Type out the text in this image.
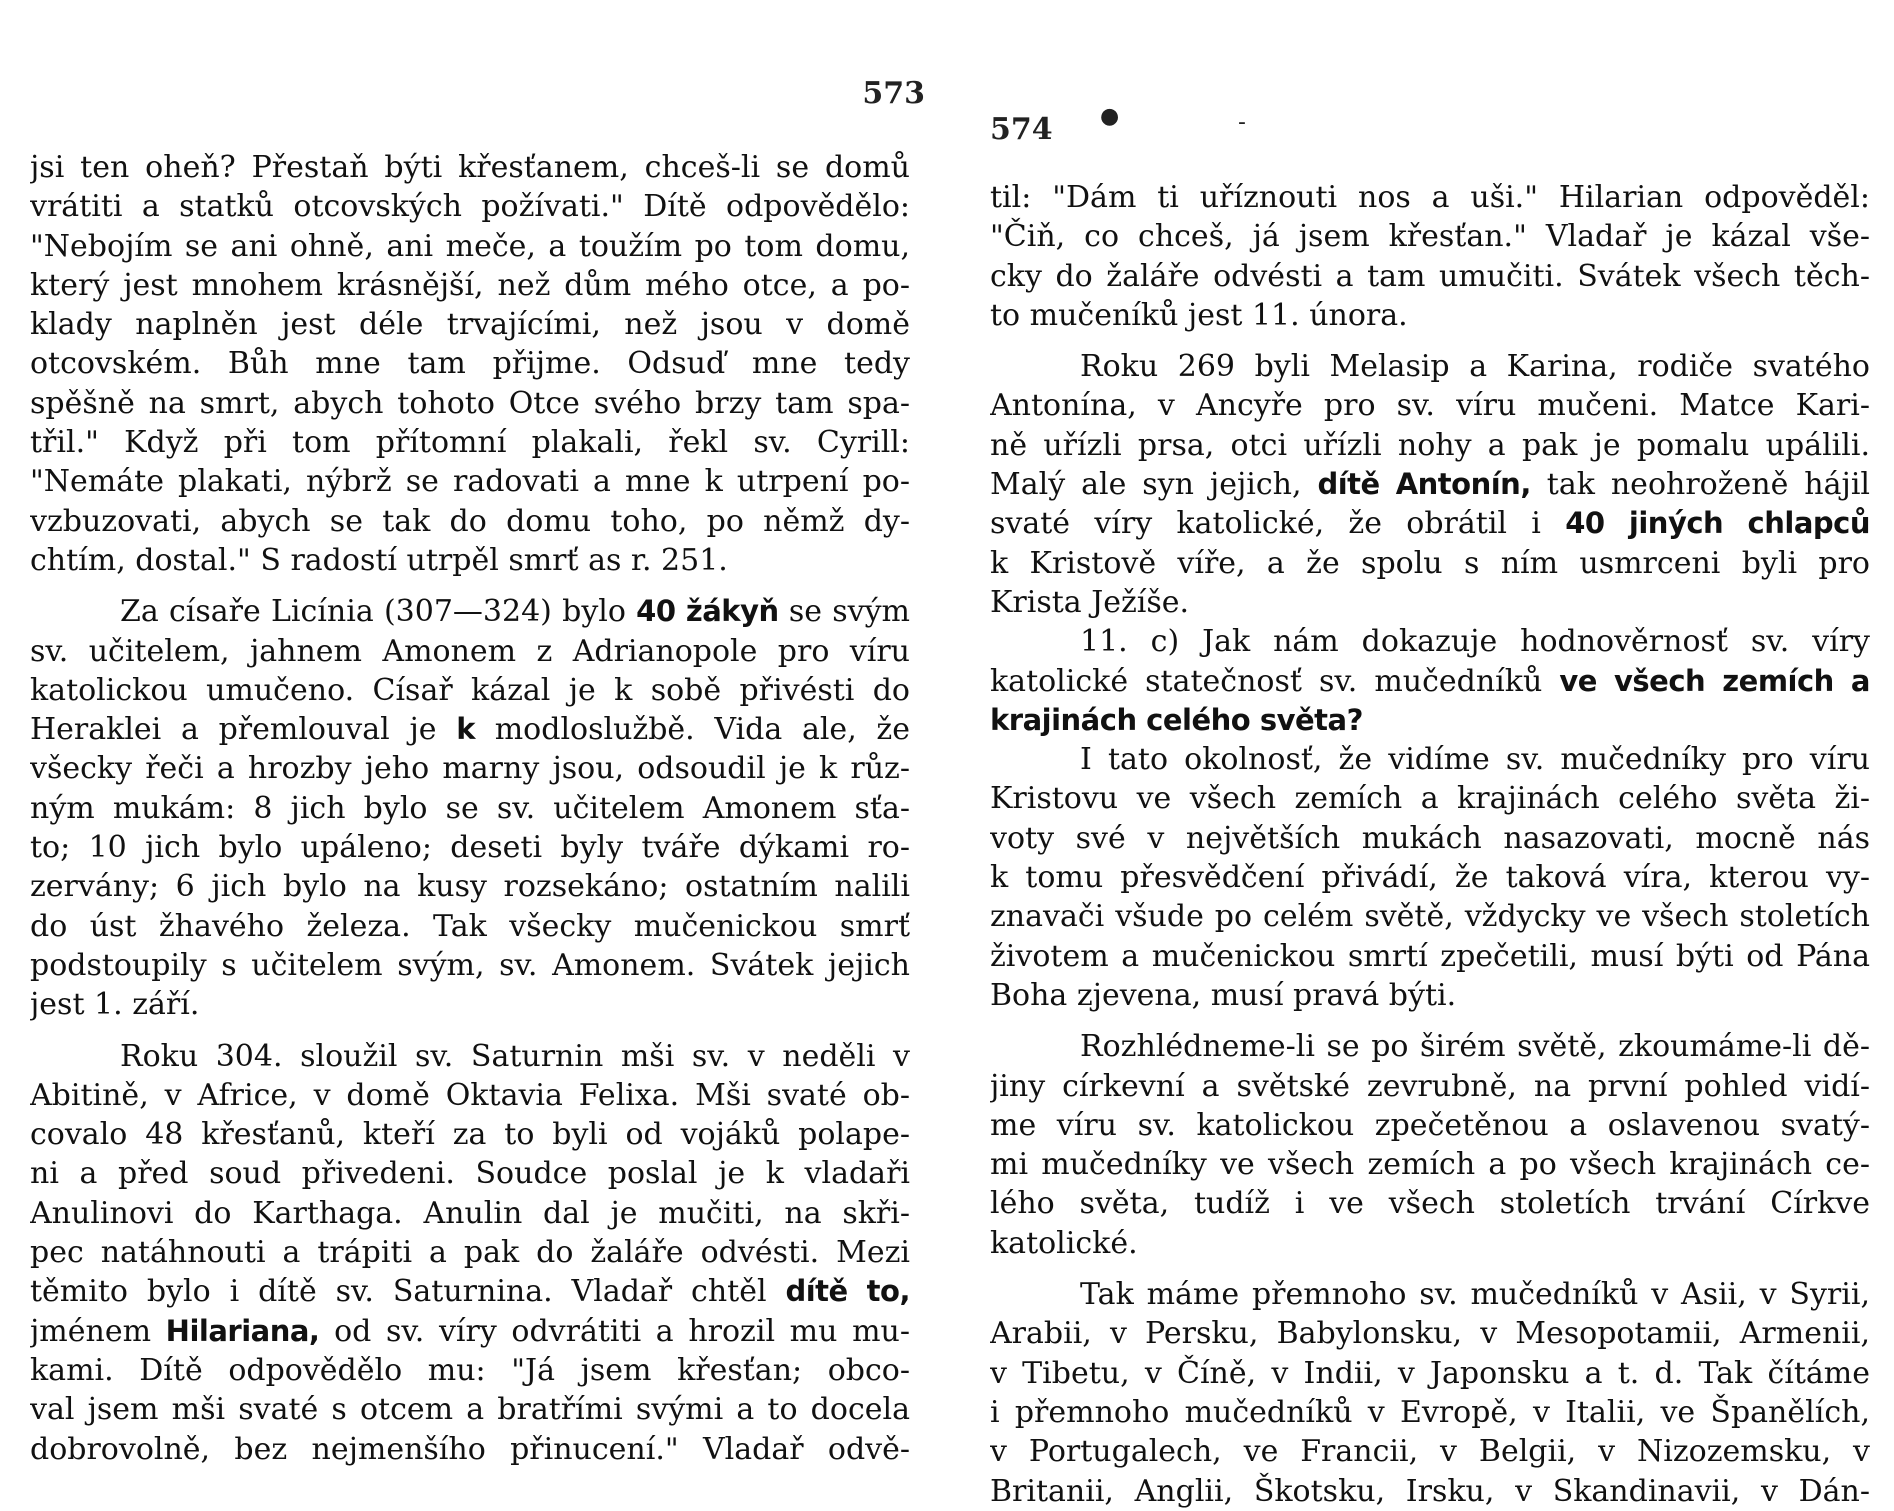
573
jsi ten oheň? Přestaň býti křesťanem, chceš-li se domů
vrátiti a statků otcovských požívati." Dítě odpovědělo:
"Nebojím se ani ohně, ani meče, a toužím po tom domu,
který jest mnohem krásnější, než dům mého otce, a po-
klady naplněn jest déle trvajícími, než jsou v domě
otcovském. Bůh mne tam přijme. Odsuď mne tedy
spěšně na smrt, abych tohoto Otce svého brzy tam spa-
třil." Když při tom přítomní plakali, řekl sv. Cyrill:
"Nemáte plakati, nýbrž se radovati a mne k utrpení po-
vzbuzovati, abych se tak do domu toho, po němž dy-
chtím, dostal." S radostí utrpěl smrť as r. 251.
Za císaře Licínia (307—324) bylo 40 žákyň se svým
sv. učitelem, jahnem Amonem z Adrianopole pro víru
katolickou umučeno. Císař kázal je k sobě přivésti do
Heraklei a přemlouval je k modloslužbě. Vida ale, že
všecky řeči a hrozby jeho marny jsou, odsoudil je k růz-
ným mukám: 8 jich bylo se sv. učitelem Amonem sťa-
to; 10 jich bylo upáleno; deseti byly tváře dýkami ro-
zervány; 6 jich bylo na kusy rozsekáno; ostatním nalili
do úst žhavého železa. Tak všecky mučenickou smrť
podstoupily s učitelem svým, sv. Amonem. Svátek jejich
jest 1. září.
Roku 304. sloužil sv. Saturnin mši sv. v neděli v
Abitině, v Africe, v domě Oktavia Felixa. Mši svaté ob-
covalo 48 křesťanů, kteří za to byli od vojáků polape-
ni a před soud přivedeni. Soudce poslal je k vladaři
Anulinovi do Karthaga. Anulin dal je mučiti, na skři-
pec natáhnouti a trápiti a pak do žaláře odvésti. Mezi
těmito bylo i dítě sv. Saturnina. Vladař chtěl dítě to,
jménem Hilariana, od sv. víry odvrátiti a hrozil mu mu-
kami. Dítě odpovědělo mu: "Já jsem křesťan; obco-
val jsem mši svaté s otcem a bratřími svými a to docela
dobrovolně, bez nejmenšího přinucení." Vladař odvě-
574 ●	-
til: "Dám ti uříznouti nos a uši." Hilarian odpověděl:
"Čiň, co chceš, já jsem křesťan." Vladař je kázal vše-
cky do žaláře odvésti a tam umučiti. Svátek všech těch-
to mučeníků jest 11. února.
Roku 269 byli Melasip a Karina, rodiče svatého
Antonína, v Ancyře pro sv. víru mučeni. Matce Kari-
ně uřízli prsa, otci uřízli nohy a pak je pomalu upálili.
Malý ale syn jejich, dítě Antonín, tak neohroženě hájil
svaté víry katolické, že obrátil i 40 jiných chlapců
k Kristově víře, a že spolu s ním usmrceni byli pro
Krista Ježíše.
11. c) Jak nám dokazuje hodnověrnosť sv. víry
katolické statečnosť sv. mučedníků ve všech zemích a
krajinách celého světa?
I tato okolnosť, že vidíme sv. mučedníky pro víru
Kristovu ve všech zemích a krajinách celého světa ži-
voty své v největších mukách nasazovati, mocně nás
k tomu přesvědčení přivádí, že taková víra, kterou vy-
znavači všude po celém světě, vždycky ve všech stoletích
životem a mučenickou smrtí zpečetili, musí býti od Pána
Boha zjevena, musí pravá býti.
Rozhlédneme-li se po širém světě, zkoumáme-li dě-
jiny církevní a světské zevrubně, na první pohled vidí-
me víru sv. katolickou zpečetěnou a oslavenou svatý-
mi mučedníky ve všech zemích a po všech krajinách ce-
lého světa, tudíž i ve všech stoletích trvání Církve
katolické.
Tak máme přemnoho sv. mučedníků v Asii, v Syrii,
Arabii, v Persku, Babylonsku, v Mesopotamii, Armenii,
v Tibetu, v Číně, v Indii, v Japonsku a t. d. Tak čítáme
i přemnoho mučedníků v Evropě, v Italii, ve Španělích,
v Portugalech, ve Francii, v Belgii, v Nizozemsku, v
Britanii, Anglii, Škotsku, Irsku, v Skandinavii, v Dán-
